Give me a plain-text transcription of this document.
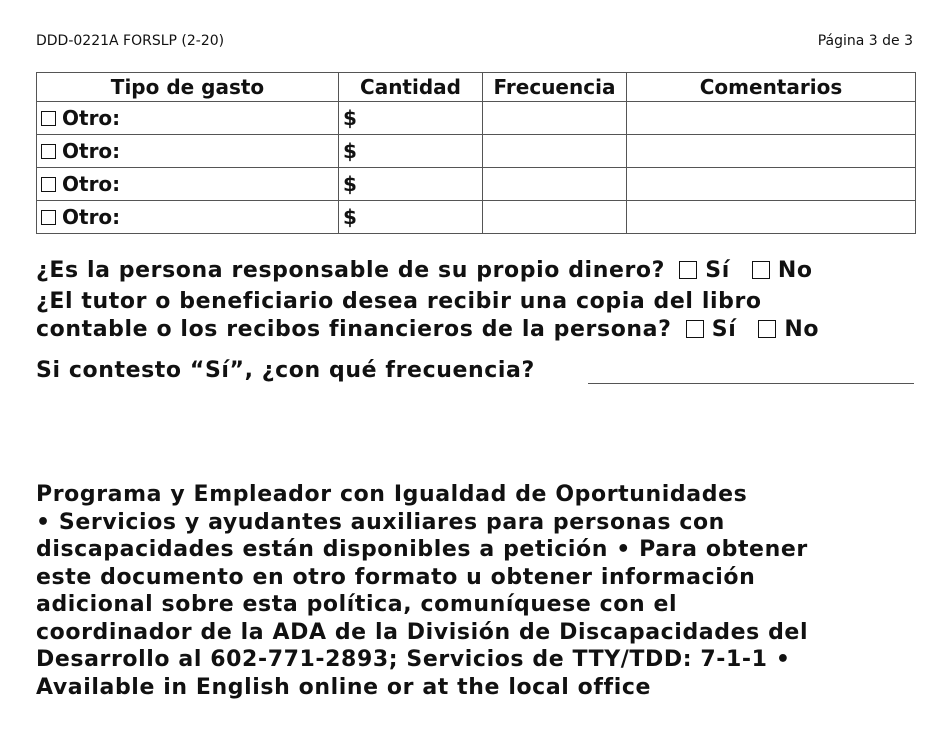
DDD-0221A FORSLP (2-20)	Página 3 de 3
Tipo de gasto	Cantidad	Frecuencia	Comentarios
Otro:	$		
Otro:	$		
Otro:	$		
Otro:	$		
¿Es la persona responsable de su propio dinero? Sí No
¿El tutor o beneficiario desea recibir una copia del libro
contable o los recibos financieros de la persona? Sí No
Si contesto “Sí”, ¿con qué frecuencia?
Programa y Empleador con Igualdad de Oportunidades
• Servicios y ayudantes auxiliares para personas con
discapacidades están disponibles a petición • Para obtener
este documento en otro formato u obtener información
adicional sobre esta política, comuníquese con el
coordinador de la ADA de la División de Discapacidades del
Desarrollo al 602-771-2893; Servicios de TTY/TDD: 7-1-1 •
Available in English online or at the local office
